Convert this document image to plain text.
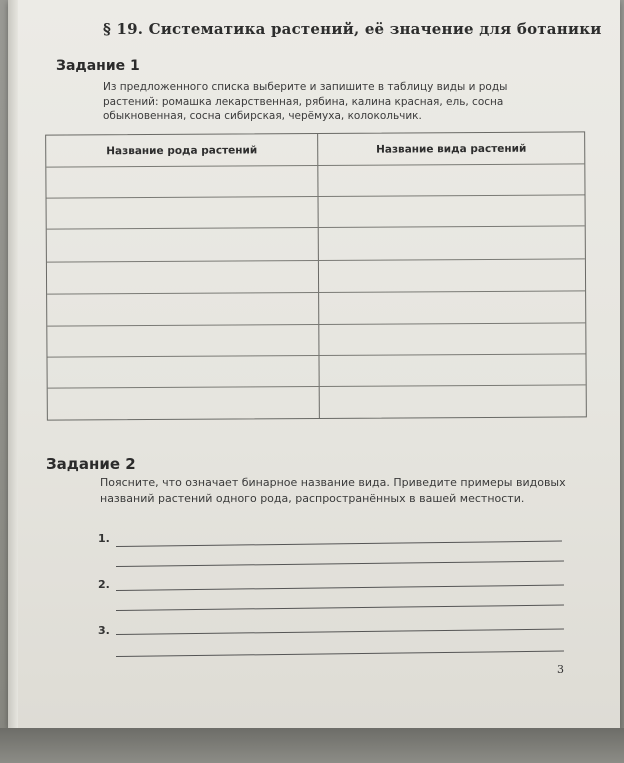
§ 19. Систематика растений, её значение для ботаники
Задание 1
Из предложенного списка выберите и запишите в таблицу виды и роды растений: ромашка лекарственная, рябина, калина красная, ель, сосна обыкновенная, сосна сибирская, черёмуха, колокольчик.
Название рода растений	Название вида растений
Задание 2
Поясните, что означает бинарное название вида. Приведите примеры видовых названий растений одного рода, распространённых в вашей местности.
1.
2.
3.
3
